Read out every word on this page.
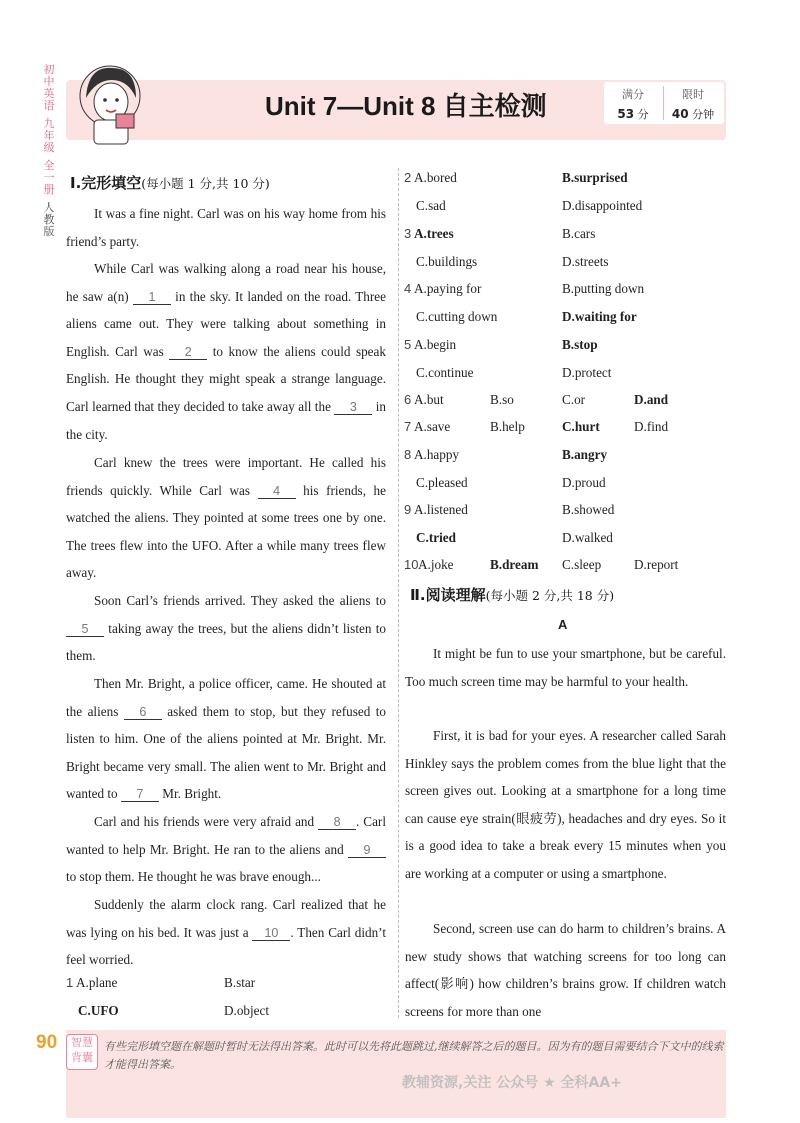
初中英语
九年级
全一册
人教版
Unit 7—Unit 8 自主检测	满分
53 分
限时
40 分钟
Ⅰ.完形填空(每小题 1 分,共 10 分)

It was a fine night. Carl was on his way home from his friend’s party.

While Carl was walking along a road near his house, he saw a(n) 1 in the sky. It landed on the road. Three aliens came out. They were talking about something in English. Carl was 2 to know the aliens could speak English. He thought they might speak a strange language. Carl learned that they decided to take away all the 3 in the city.

Carl knew the trees were important. He called his friends quickly. While Carl was 4 his friends, he watched the aliens. They pointed at some trees one by one. The trees flew into the UFO. After a while many trees flew away.

Soon Carl’s friends arrived. They asked the aliens to 5 taking away the trees, but the aliens didn’t listen to them.

Then Mr. Bright, a police officer, came. He shouted at the aliens 6 asked them to stop, but they refused to listen to him. One of the aliens pointed at Mr. Bright. Mr. Bright became very small. The alien went to Mr. Bright and wanted to 7 Mr. Bright.

Carl and his friends were very afraid and 8 . Carl wanted to help Mr. Bright. He ran to the aliens and 9 to stop them. He thought he was brave enough...

Suddenly the alarm clock rang. Carl realized that he was lying on his bed. It was just a 10 . Then Carl didn’t feel worried.

1 A.plane	B.star
C.UFO	D.object
2 A.bored	B.surprised
C.sad	D.disappointed
3 A.trees	B.cars
C.buildings	D.streets
4 A.paying for	B.putting down
C.cutting down	D.waiting for
5 A.begin	B.stop
C.continue	D.protect
6 A.but	B.so	C.or	D.and
7 A.save	B.help	C.hurt	D.find
8 A.happy	B.angry
C.pleased	D.proud
9 A.listened	B.showed
C.tried	D.walked
10 A.joke	B.dream C.sleep D.report
Ⅱ.阅读理解(每小题 2 分,共 18 分)
A

It might be fun to use your smartphone, but be careful. Too much screen time may be harmful to your health.

First, it is bad for your eyes. A researcher called Sarah Hinkley says the problem comes from the blue light that the screen gives out. Looking at a smartphone for a long time can cause eye strain(眼疲劳), headaches and dry eyes. So it is a good idea to take a break every 15 minutes when you are working at a computer or using a smartphone.

Second, screen use can do harm to children’s brains. A new study shows that watching screens for too long can affect(影响) how children’s brains grow. If children watch screens for more than one

90	智慧
背囊
有些完形填空题在解题时暂时无法得出答案。此时可以先将此题跳过,继续解答之后的题目。因为有的题目需要结合下文中的线索才能得出答案。
教辅资源,关注 公众号 ★ 全科AA+
